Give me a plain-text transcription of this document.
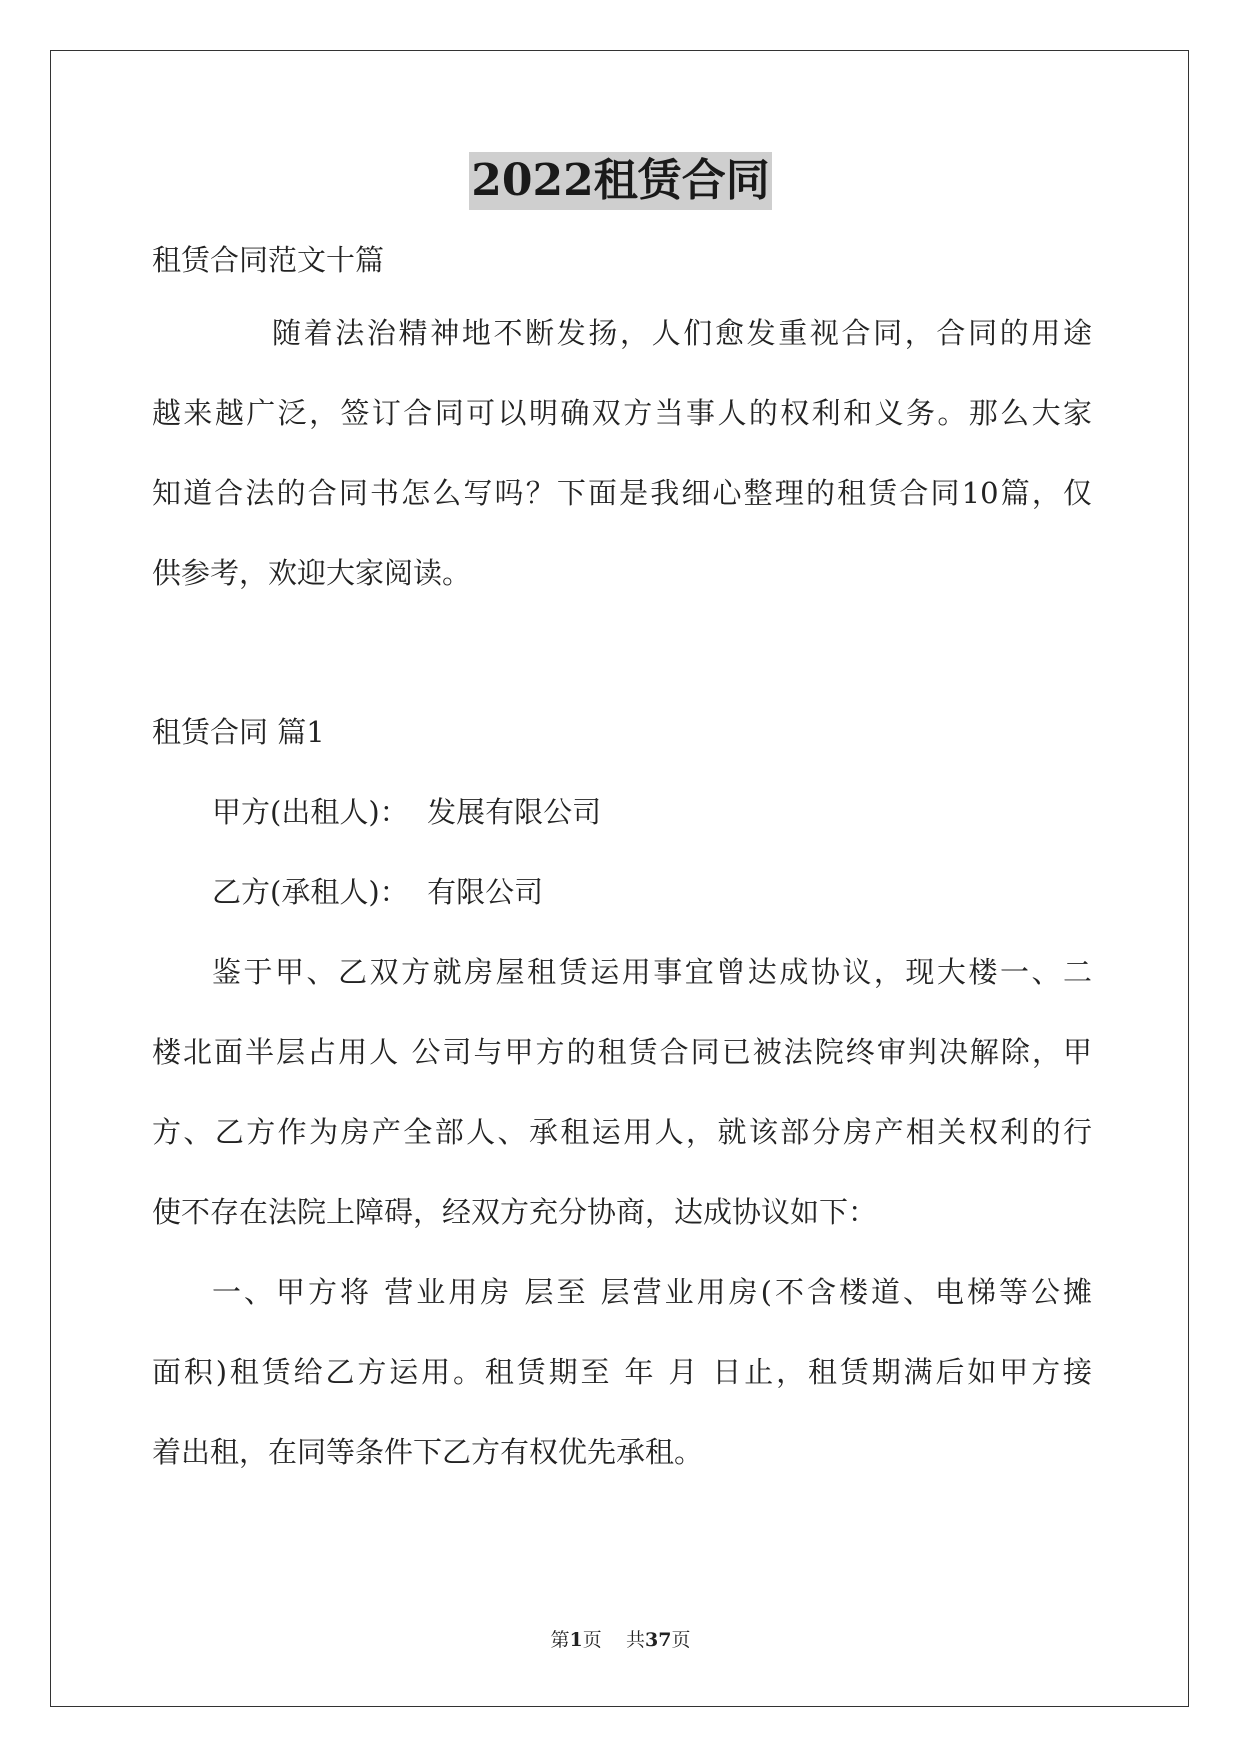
2022租赁合同
租赁合同范文十篇
随着法治精神地不断发扬，人们愈发重视合同，合同的用途
越来越广泛，签订合同可以明确双方当事人的权利和义务。那么大家
知道合法的合同书怎么写吗？下面是我细心整理的租赁合同10篇，仅
供参考，欢迎大家阅读。
租赁合同 篇1
甲方(出租人)：  发展有限公司
乙方(承租人)：  有限公司
鉴于甲、乙双方就房屋租赁运用事宜曾达成协议，现大楼一、二
楼北面半层占用人 公司与甲方的租赁合同已被法院终审判决解除，甲
方、乙方作为房产全部人、承租运用人，就该部分房产相关权利的行
使不存在法院上障碍，经双方充分协商，达成协议如下：
一、甲方将 营业用房 层至 层营业用房(不含楼道、电梯等公摊
面积)租赁给乙方运用。租赁期至 年 月 日止，租赁期满后如甲方接
着出租，在同等条件下乙方有权优先承租。
第1页 共37页
